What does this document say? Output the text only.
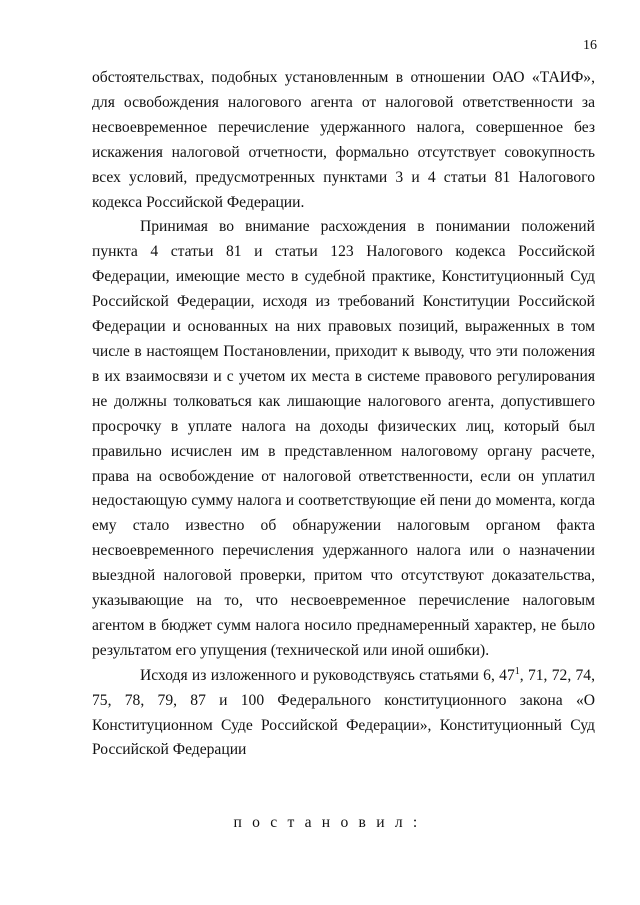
16

обстоятельствах, подобных установленным в отношении ОАО «ТАИФ», для освобождения налогового агента от налоговой ответственности за несвоевременное перечисление удержанного налога, совершенное без искажения налоговой отчетности, формально отсутствует совокупность всех условий, предусмотренных пунктами 3 и 4 статьи 81 Налогового кодекса Российской Федерации.

Принимая во внимание расхождения в понимании положений пункта 4 статьи 81 и статьи 123 Налогового кодекса Российской Федерации, имеющие место в судебной практике, Конституционный Суд Российской Федерации, исходя из требований Конституции Российской Федерации и основанных на них правовых позиций, выраженных в том числе в настоящем Постановлении, приходит к выводу, что эти положения в их взаимосвязи и с учетом их места в системе правового регулирования не должны толковаться как лишающие налогового агента, допустившего просрочку в уплате налога на доходы физических лиц, который был правильно исчислен им в представленном налоговому органу расчете, права на освобождение от налоговой ответственности, если он уплатил недостающую сумму налога и соответствующие ей пени до момента, когда ему стало известно об обнаружении налоговым органом факта несвоевременного перечисления удержанного налога или о назначении выездной налоговой проверки, притом что отсутствуют доказательства, указывающие на то, что несвоевременное перечисление налоговым агентом в бюджет сумм налога носило преднамеренный характер, не было результатом его упущения (технической или иной ошибки).

Исходя из изложенного и руководствуясь статьями 6, $47^1$, 71, 72, 74, 75, 78, 79, 87 и 100 Федерального конституционного закона «О Конституционном Суде Российской Федерации», Конституционный Суд Российской Федерации

п о с т а н о в и л :
